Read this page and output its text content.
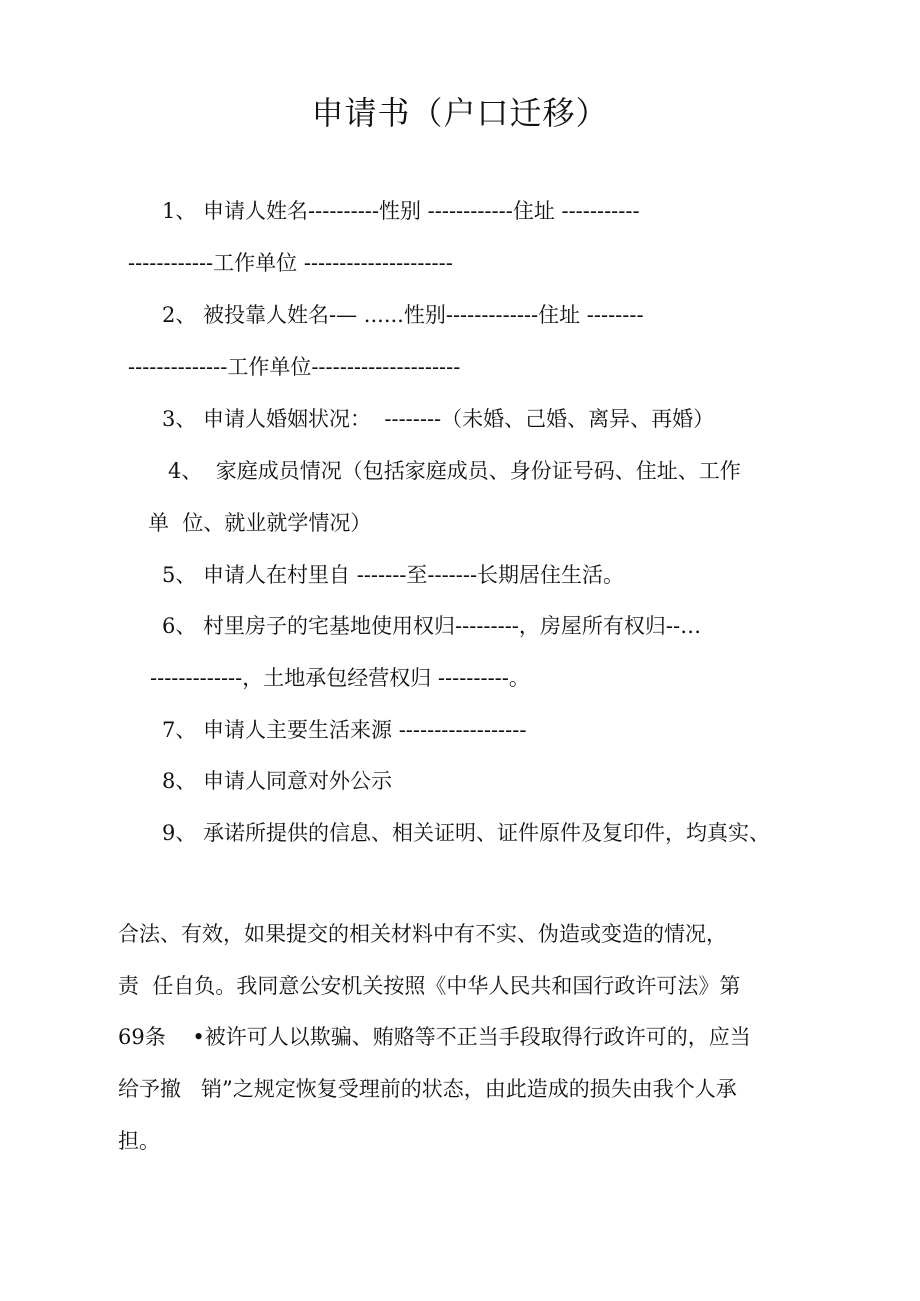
申请书（户口迁移）
1、 申请人姓名----------性别 ------------住址 -----------
------------工作单位 ---------------------
2、 被投靠人姓名-— ......性别-------------住址 --------
--------------工作单位---------------------
3、 申请人婚姻状况：  --------（未婚、己婚、离异、再婚）
4、  家庭成员情况（包括家庭成员、身份证号码、住址、工作
单  位、就业就学情况）
5、 申请人在村里自 -------至-------长期居住生活。
6、 村里房子的宅基地使用权归---------，房屋所有权归--…
-------------，土地承包经营权归 ----------。
7、 申请人主要生活来源 ------------------
8、 申请人同意对外公示
9、 承诺所提供的信息、相关证明、证件原件及复印件，均真实、
合法、有效，如果提交的相关材料中有不实、伪造或变造的情况，
责  任自负。我同意公安机关按照《中华人民共和国行政许可法》第
69条    •被许可人以欺骗、贿赂等不正当手段取得行政许可的，应当
给予撤   销”之规定恢复受理前的状态，由此造成的损失由我个人承
担。
